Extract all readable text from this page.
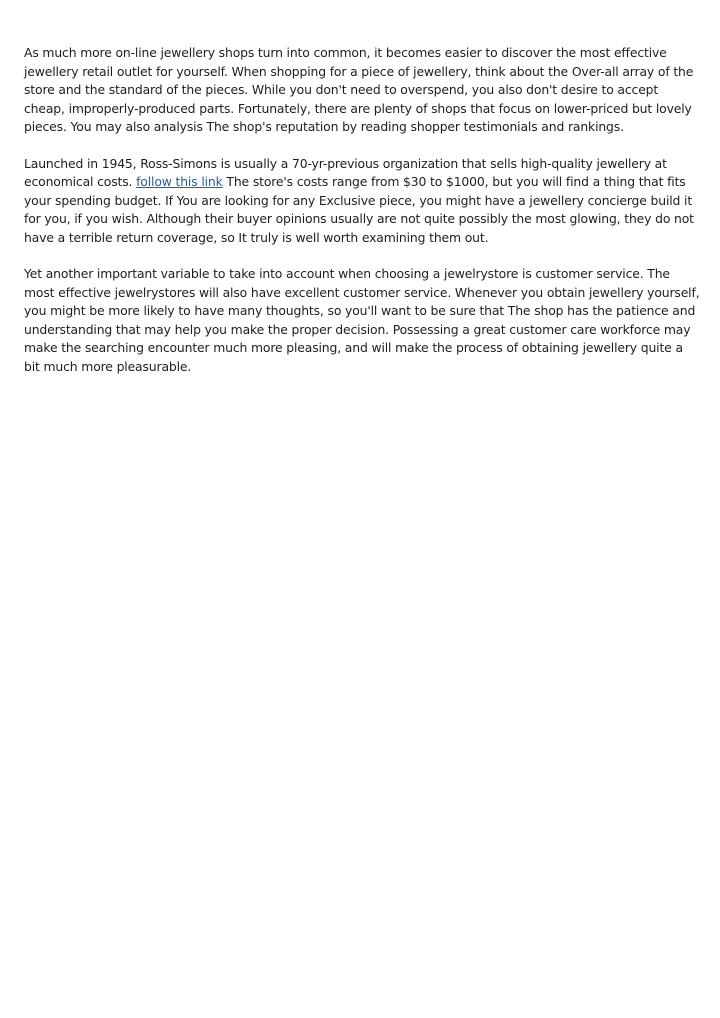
As much more on-line jewellery shops turn into common, it becomes easier to discover the most effective jewellery retail outlet for yourself. When shopping for a piece of jewellery, think about the Over-all array of the store and the standard of the pieces. While you don't need to overspend, you also don't desire to accept cheap, improperly-produced parts. Fortunately, there are plenty of shops that focus on lower-priced but lovely pieces. You may also analysis The shop's reputation by reading shopper testimonials and rankings.

Launched in 1945, Ross-Simons is usually a 70-yr-previous organization that sells high-quality jewellery at economical costs. follow this link The store's costs range from $30 to $1000, but you will find a thing that fits your spending budget. If You are looking for any Exclusive piece, you might have a jewellery concierge build it for you, if you wish. Although their buyer opinions usually are not quite possibly the most glowing, they do not have a terrible return coverage, so It truly is well worth examining them out.

Yet another important variable to take into account when choosing a jewelrystore is customer service. The most effective jewelrystores will also have excellent customer service. Whenever you obtain jewellery yourself, you might be more likely to have many thoughts, so you'll want to be sure that The shop has the patience and understanding that may help you make the proper decision. Possessing a great customer care workforce may make the searching encounter much more pleasing, and will make the process of obtaining jewellery quite a bit much more pleasurable.
